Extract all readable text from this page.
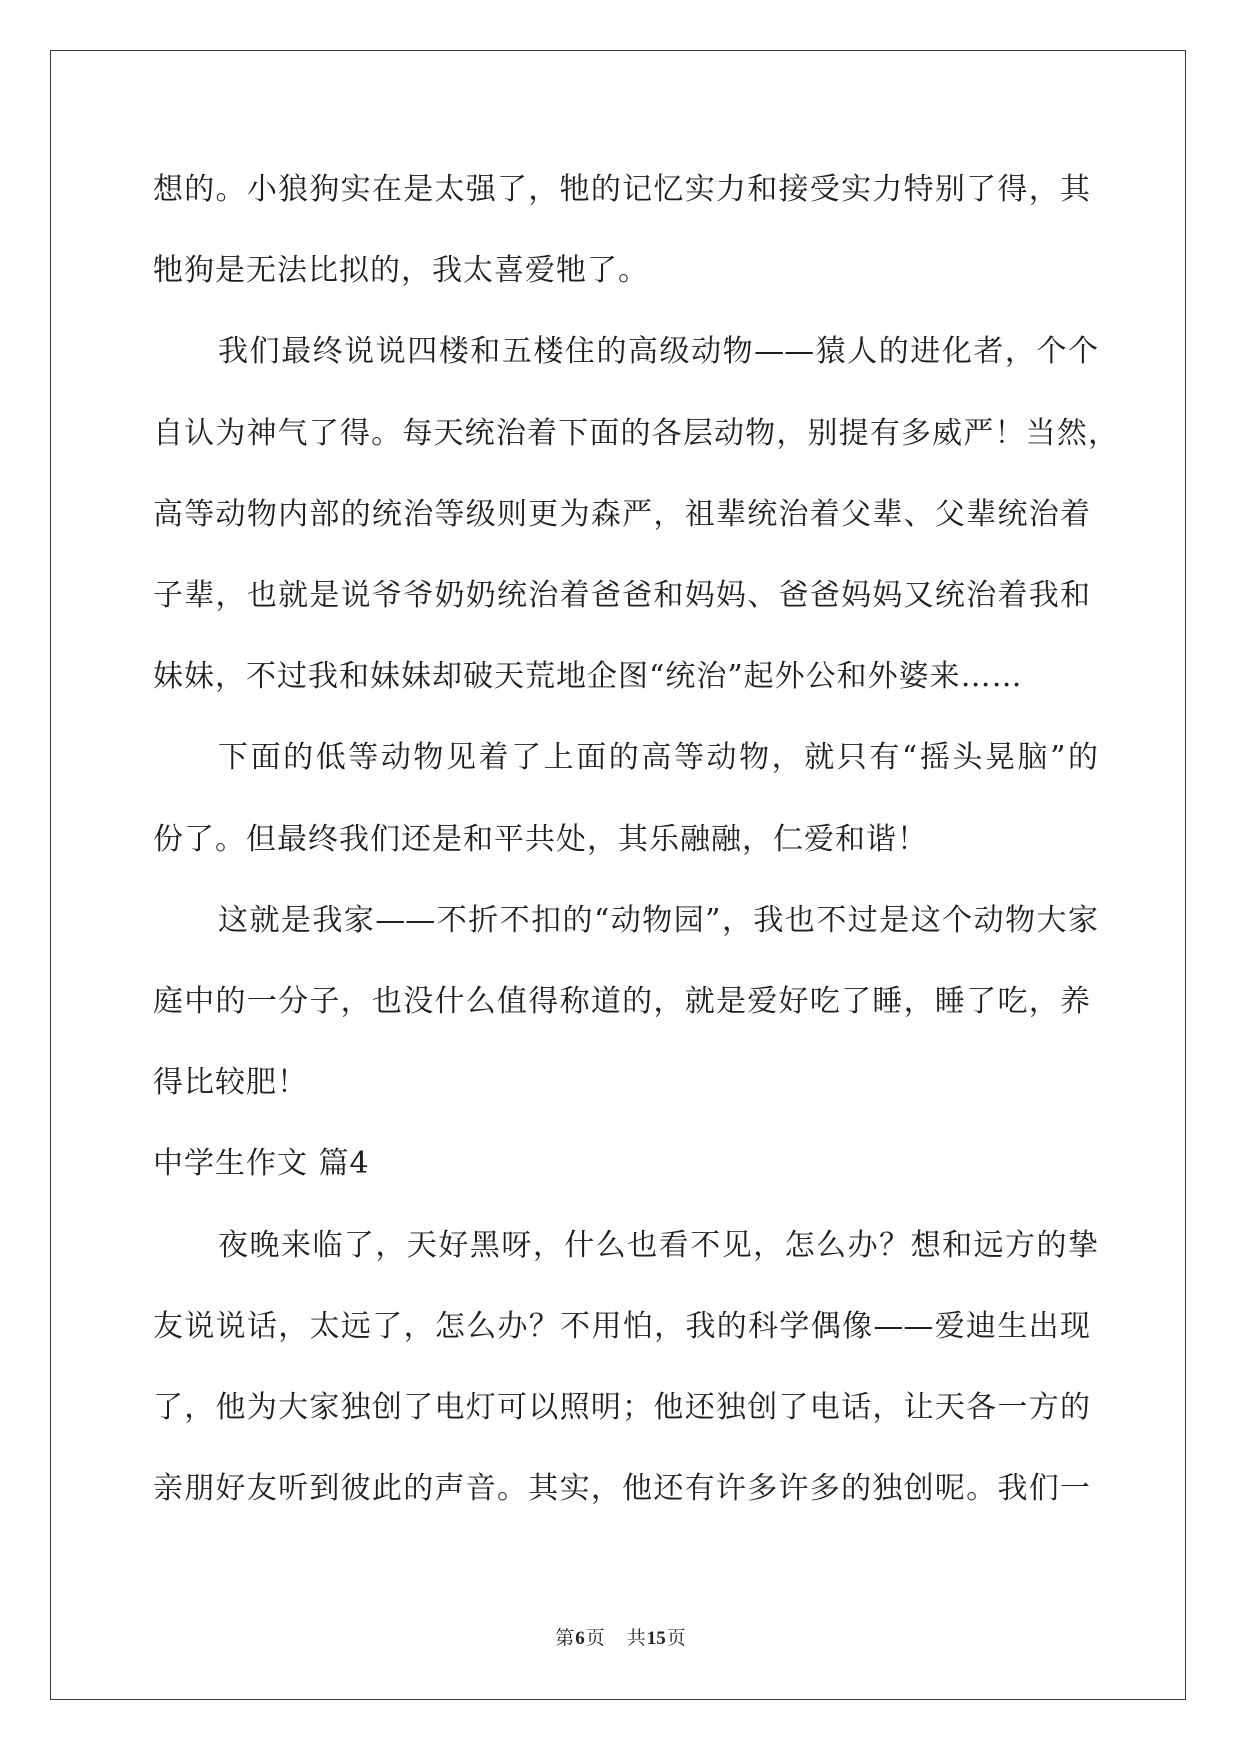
想的。小狼狗实在是太强了，牠的记忆实力和接受实力特别了得，其
牠狗是无法比拟的，我太喜爱牠了。
我们最终说说四楼和五楼住的高级动物——猿人的进化者，个个
自认为神气了得。每天统治着下面的各层动物，别提有多威严！当然，
高等动物内部的统治等级则更为森严，祖辈统治着父辈、父辈统治着
子辈，也就是说爷爷奶奶统治着爸爸和妈妈、爸爸妈妈又统治着我和
妹妹，不过我和妹妹却破天荒地企图“统治”起外公和外婆来……
下面的低等动物见着了上面的高等动物，就只有“摇头晃脑”的
份了。但最终我们还是和平共处，其乐融融，仁爱和谐！
这就是我家——不折不扣的“动物园”，我也不过是这个动物大家
庭中的一分子，也没什么值得称道的，就是爱好吃了睡，睡了吃，养
得比较肥！
中学生作文 篇4
夜晚来临了，天好黑呀，什么也看不见，怎么办？想和远方的挚
友说说话，太远了，怎么办？不用怕，我的科学偶像——爱迪生出现
了，他为大家独创了电灯可以照明；他还独创了电话，让天各一方的
亲朋好友听到彼此的声音。其实，他还有许多许多的独创呢。我们一
第6页 共15页
